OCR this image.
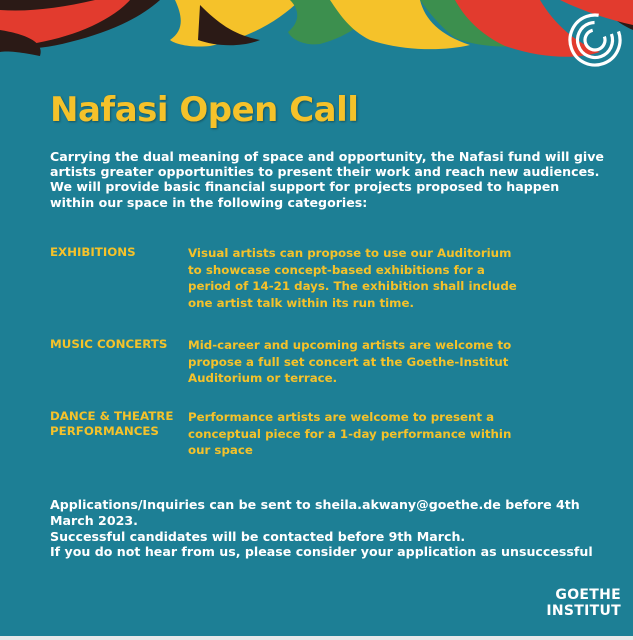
Nafasi Open Call

Carrying the dual meaning of space and opportunity, the Nafasi fund will give artists greater opportunities to present their work and reach new audiences. We will provide basic financial support for projects proposed to happen within our space in the following categories:

EXHIBITIONS	Visual artists can propose to use our Auditorium to showcase concept-based exhibitions for a period of 14-21 days. The exhibition shall include one artist talk within its run time.

MUSIC CONCERTS	Mid-career and upcoming artists are welcome to propose a full set concert at the Goethe-Institut Auditorium or terrace.

DANCE & THEATRE PERFORMANCES

Performance artists are welcome to present a conceptual piece for a 1-day performance within our space

Applications/Inquiries can be sent to sheila.akwany@goethe.de before 4th March 2023.
Successful candidates will be contacted before 9th March.
If you do not hear from us, please consider your application as unsuccessful
GOETHE
INSTITUT
